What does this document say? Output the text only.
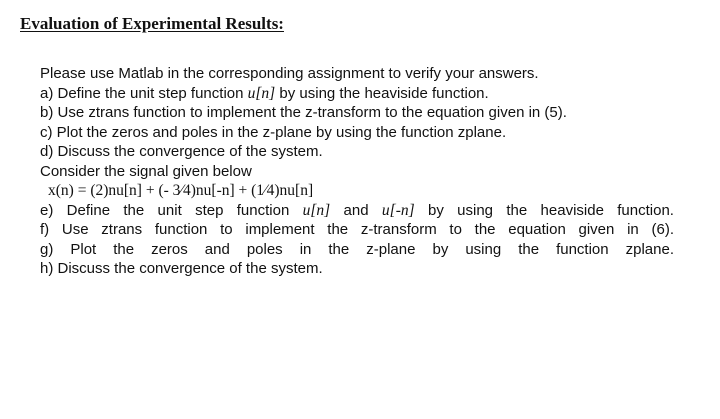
Evaluation of Experimental Results:
Please use Matlab in the corresponding assignment to verify your answers.
a) Define the unit step function u[n] by using the heaviside function.
b) Use ztrans function to implement the z-transform to the equation given in (5).
c) Plot the zeros and poles in the z-plane by using the function zplane.
d) Discuss the convergence of the system.
Consider the signal given below
x(n) = (2)nu[n] + (- 3⁄4)nu[-n] + (1⁄4)nu[n]
e) Define the unit step function u[n] and u[-n] by using the heaviside function.
f) Use ztrans function to implement the z-transform to the equation given in (6).
g) Plot the zeros and poles in the z-plane by using the function zplane.
h) Discuss the convergence of the system.
